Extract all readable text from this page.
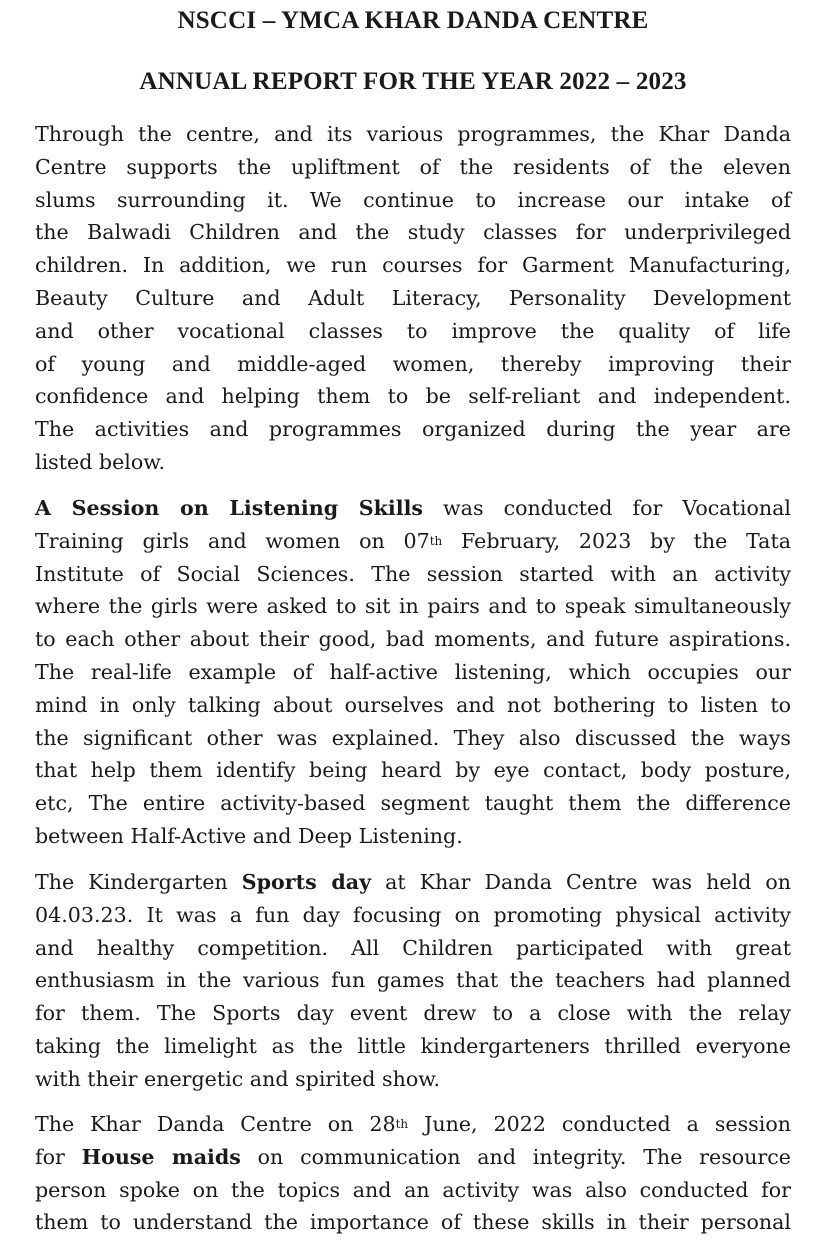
NSCCI – YMCA KHAR DANDA CENTRE
ANNUAL REPORT FOR THE YEAR 2022 – 2023

Through the centre, and its various programmes, the Khar Danda
Centre supports the upliftment of the residents of the eleven
slums surrounding it. We continue to increase our intake of
the Balwadi Children and the study classes for underprivileged
children. In addition, we run courses for Garment Manufacturing,
Beauty Culture and Adult Literacy, Personality Development
and other vocational classes to improve the quality of life
of young and middle-aged women, thereby improving their
confidence and helping them to be self-reliant and independent.
The activities and programmes organized during the year are
listed below.

A Session on Listening Skills was conducted for Vocational
Training girls and women on 07th February, 2023 by the Tata
Institute of Social Sciences. The session started with an activity
where the girls were asked to sit in pairs and to speak simultaneously
to each other about their good, bad moments, and future aspirations.
The real-life example of half-active listening, which occupies our
mind in only talking about ourselves and not bothering to listen to
the significant other was explained. They also discussed the ways
that help them identify being heard by eye contact, body posture,
etc, The entire activity-based segment taught them the difference
between Half-Active and Deep Listening.

The Kindergarten Sports day at Khar Danda Centre was held on
04.03.23. It was a fun day focusing on promoting physical activity
and healthy competition. All Children participated with great
enthusiasm in the various fun games that the teachers had planned
for them. The Sports day event drew to a close with the relay
taking the limelight as the little kindergarteners thrilled everyone
with their energetic and spirited show.

The Khar Danda Centre on 28th June, 2022 conducted a session
for House maids on communication and integrity. The resource
person spoke on the topics and an activity was also conducted for
them to understand the importance of these skills in their personal
